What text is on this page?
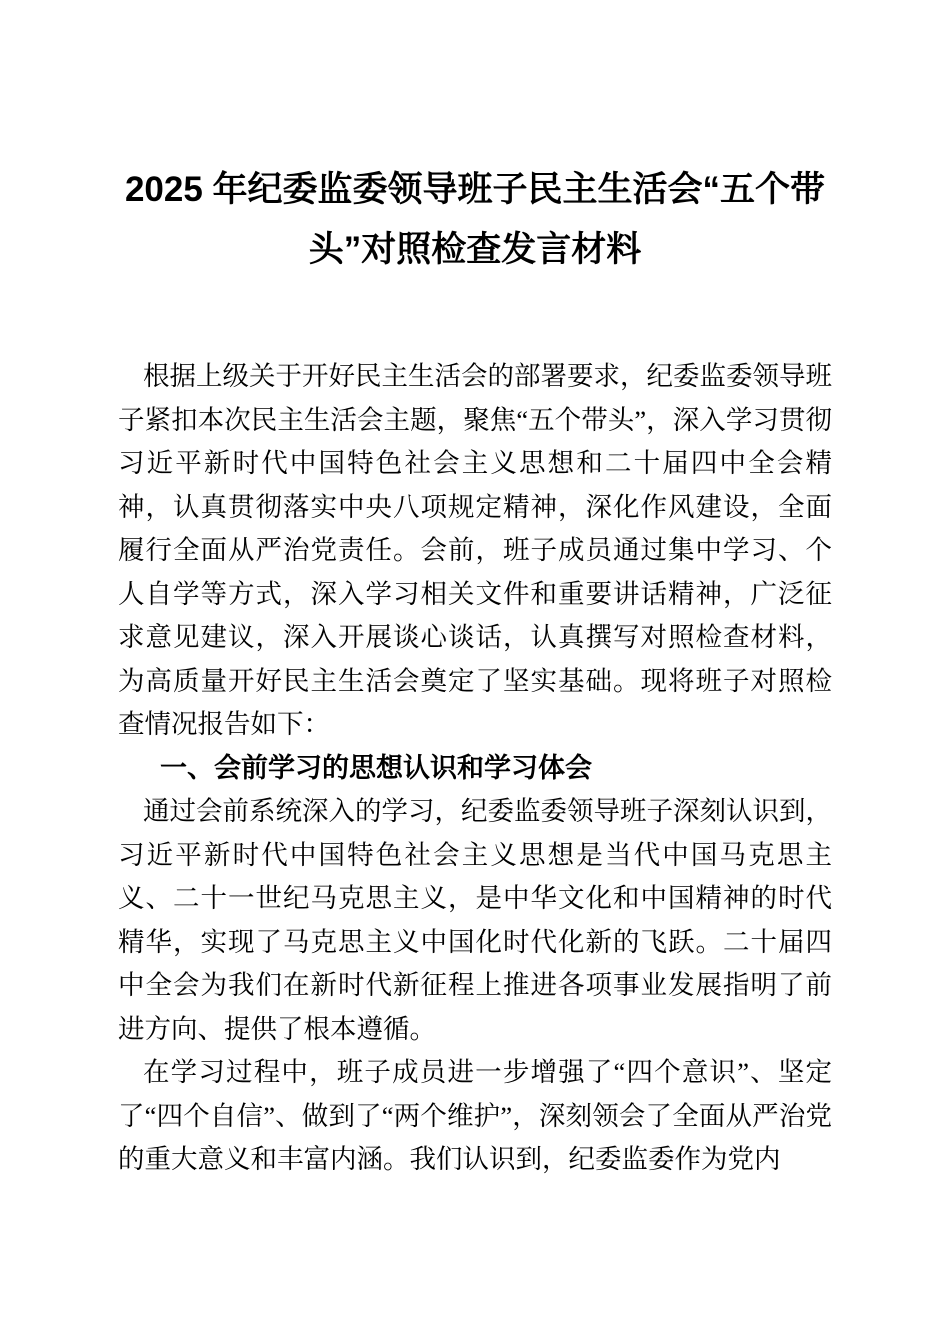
2025 年纪委监委领导班子民主生活会“五个带头”对照检查发言材料

根据上级关于开好民主生活会的部署要求，纪委监委领导班子紧扣本次民主生活会主题，聚焦“五个带头”，深入学习贯彻习近平新时代中国特色社会主义思想和二十届四中全会精神，认真贯彻落实中央八项规定精神，深化作风建设，全面履行全面从严治党责任。会前，班子成员通过集中学习、个人自学等方式，深入学习相关文件和重要讲话精神，广泛征求意见建议，深入开展谈心谈话，认真撰写对照检查材料，为高质量开好民主生活会奠定了坚实基础。现将班子对照检查情况报告如下：

一、会前学习的思想认识和学习体会

通过会前系统深入的学习，纪委监委领导班子深刻认识到，习近平新时代中国特色社会主义思想是当代中国马克思主义、二十一世纪马克思主义，是中华文化和中国精神的时代精华，实现了马克思主义中国化时代化新的飞跃。二十届四中全会为我们在新时代新征程上推进各项事业发展指明了前进方向、提供了根本遵循。

在学习过程中，班子成员进一步增强了“四个意识”、坚定了“四个自信”、做到了“两个维护”，深刻领会了全面从严治党的重大意义和丰富内涵。我们认识到，纪委监委作为党内
